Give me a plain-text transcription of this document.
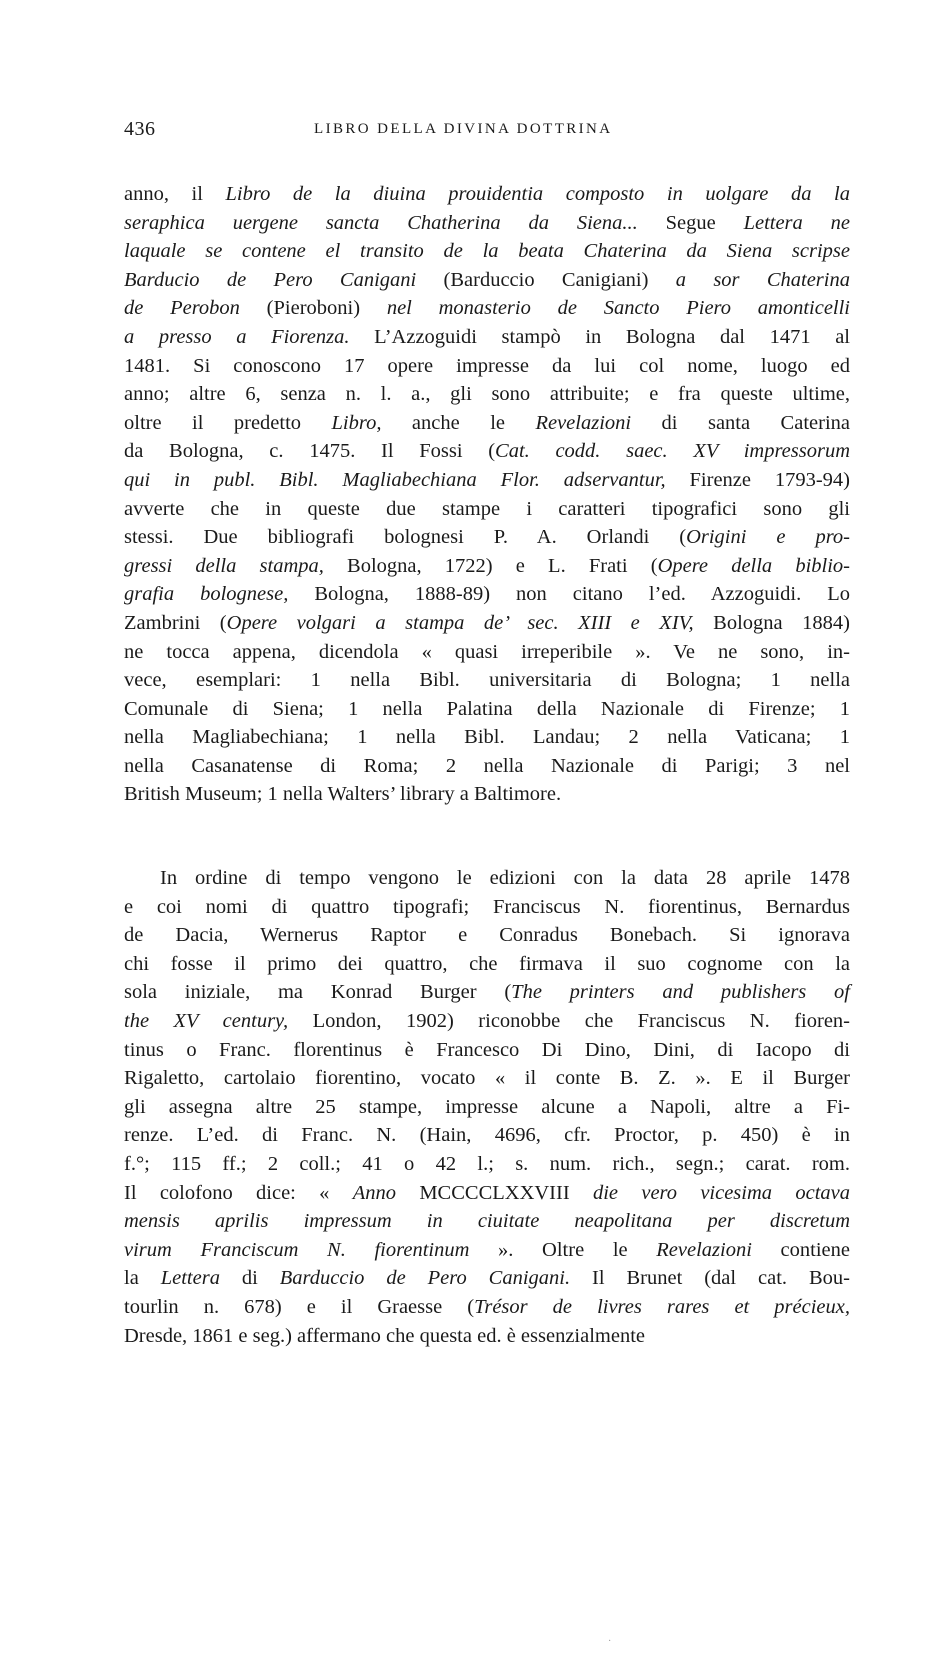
436	LIBRO DELLA DIVINA DOTTRINA
anno, il Libro de la diuina prouidentia composto in uolgare da la
seraphica uergene sancta Chatherina da Siena... Segue Lettera ne
laquale se contene el transito de la beata Chaterina da Siena scripse
Barducio de Pero Canigani (Barduccio Canigiani) a sor Chaterina
de Perobon (Pieroboni) nel monasterio de Sancto Piero amonticelli
a presso a Fiorenza. L’Azzoguidi stampò in Bologna dal 1471 al
1481. Si conoscono 17 opere impresse da lui col nome, luogo ed
anno; altre 6, senza n. l. a., gli sono attribuite; e fra queste ultime,
oltre il predetto Libro, anche le Revelazioni di santa Caterina
da Bologna, c. 1475. Il Fossi (Cat. codd. saec. XV impressorum
qui in publ. Bibl. Magliabechiana Flor. adservantur, Firenze 1793-94)
avverte che in queste due stampe i caratteri tipografici sono gli
stessi. Due bibliografi bolognesi P. A. Orlandi (Origini e pro-
gressi della stampa, Bologna, 1722) e L. Frati (Opere della biblio-
grafia bolognese, Bologna, 1888-89) non citano l’ed. Azzoguidi. Lo
Zambrini (Opere volgari a stampa de’ sec. XIII e XIV, Bologna 1884)
ne tocca appena, dicendola « quasi irreperibile ». Ve ne sono, in-
vece, esemplari: 1 nella Bibl. universitaria di Bologna; 1 nella
Comunale di Siena; 1 nella Palatina della Nazionale di Firenze; 1
nella Magliabechiana; 1 nella Bibl. Landau; 2 nella Vaticana; 1
nella Casanatense di Roma; 2 nella Nazionale di Parigi; 3 nel
British Museum; 1 nella Walters’ library a Baltimore.
In ordine di tempo vengono le edizioni con la data 28 aprile 1478
e coi nomi di quattro tipografi; Franciscus N. fiorentinus, Bernardus
de Dacia, Wernerus Raptor e Conradus Bonebach. Si ignorava
chi fosse il primo dei quattro, che firmava il suo cognome con la
sola iniziale, ma Konrad Burger (The printers and publishers of
the XV century, London, 1902) riconobbe che Franciscus N. fioren-
tinus o Franc. florentinus è Francesco Di Dino, Dini, di Iacopo di
Rigaletto, cartolaio fiorentino, vocato « il conte B. Z. ». E il Burger
gli assegna altre 25 stampe, impresse alcune a Napoli, altre a Fi-
renze. L’ed. di Franc. N. (Hain, 4696, cfr. Proctor, p. 450) è in
f.°; 115 ff.; 2 coll.; 41 o 42 l.; s. num. rich., segn.; carat. rom.
Il colofono dice: « Anno MCCCCLXXVIII die vero vicesima octava
mensis aprilis impressum in ciuitate neapolitana per discretum
virum Franciscum N. fiorentinum ». Oltre le Revelazioni contiene
la Lettera di Barduccio de Pero Canigani. Il Brunet (dal cat. Bou-
tourlin n. 678) e il Graesse (Trésor de livres rares et précieux,
Dresde, 1861 e seg.) affermano che questa ed. è essenzialmente
·
